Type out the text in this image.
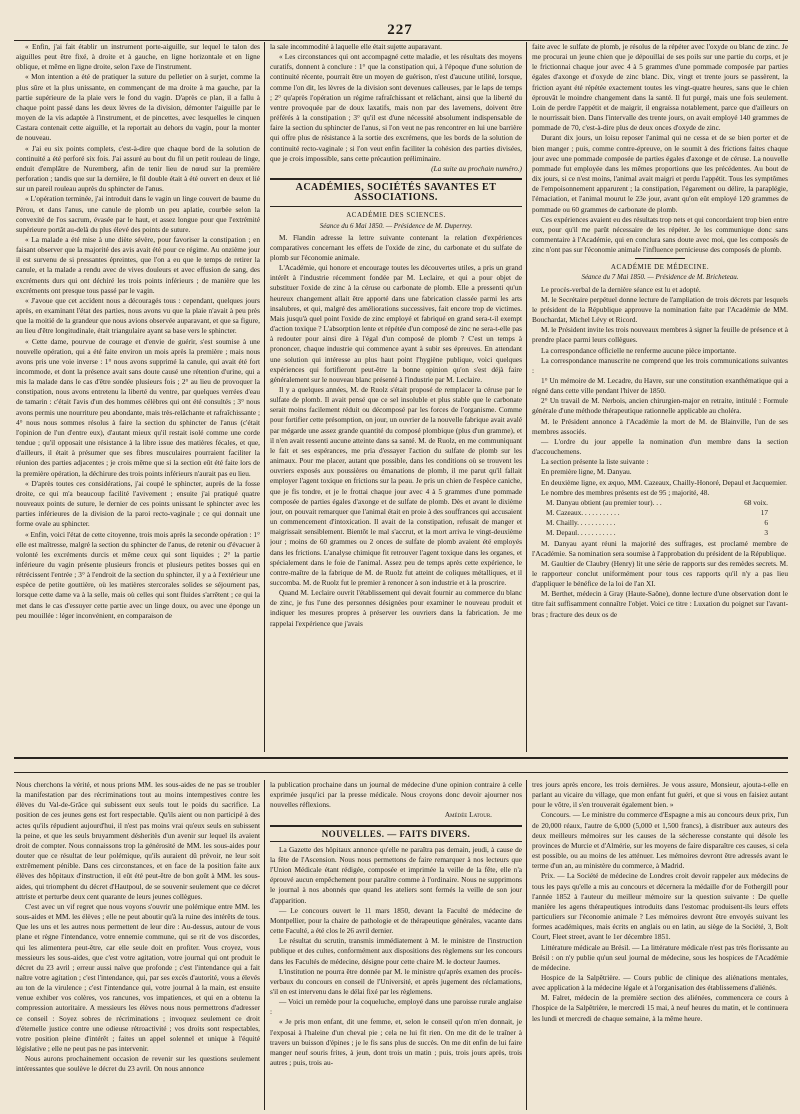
227

« Enfin, j'ai fait établir un instrument porte-aiguille, sur lequel le talon des aiguilles peut être fixé, à droite et à gauche, en ligne horizontale et en ligne oblique, et même en ligne droite, selon l'axe de l'instrument.

« Mon intention a été de pratiquer la suture du pelletier on à surjet, comme la plus sûre et la plus unissante, en commençant de ma droite à ma gauche, par la partie supérieure de la plaie vers le fond du vagin. D'après ce plan, il a fallu à chaque point passé dans les deux lèvres de la division, démonter l'aiguille par le moyen de la vis adaptée à l'instrument, et de pincettes, avec lesquelles le cinquen Castara contenait cette aiguille, et la reportait au dehors du vagin, pour la monter de nouveau.

« J'ai eu six points complets, c'est-à-dire que chaque bord de la solution de continuité a été perforé six fois. J'ai assuré au bout du fil un petit rouleau de linge, enduit d'emplâtre de Nuremberg, afin de tenir lieu de nœud sur la première perforation ; tandis que sur la dernière, le fil double était à été ouvert en deux et lié sur un pareil rouleau auprès du sphincter de l'anus.

« L'opération terminée, j'ai introduit dans le vagin un linge couvert de baume du Pérou, et dans l'anus, une canule de plomb un peu aplatie, courbée selon la convexité de l'os sacrum, évasée par le haut, et assez longue pour que l'extrémité supérieure portât au-delà du plus élevé des points de suture.

« La malade a été mise à une diète sévère, pour favoriser la constipation ; en faisant observer que la majorité des avis avait été pour ce régime. Au onzième jour il est survenu de si pressantes épreintes, que l'on a eu que le temps de retirer la canule, et la malade a rendu avec de vives douleurs et avec effusion de sang, des excréments durs qui ont déchiré les trois points inférieurs ; de manière que les excréments ont presque tous passé par le vagin.

« J'avoue que cet accident nous a découragés tous : cependant, quelques jours après, en examinant l'état des parties, nous avons vu que la plaie n'avait à peu près que la moitié de la grandeur que nous avions observée auparavant, et que sa figure, au lieu d'être longitudinale, était triangulaire ayant sa base vers le sphincter.

« Cette dame, pourvue de courage et d'envie de guérir, s'est soumise à une nouvelle opération, qui a été faite environ un mois après la première ; mais nous avons pris une voie inverse : 1° nous avons supprimé la canule, qui avait été fort incommode, et dont la présence avait sans doute causé une rétention d'urine, qui a mis la malade dans le cas d'être sondée plusieurs fois ; 2° au lieu de provoquer la constipation, nous avons entretenu la liberté du ventre, par quelques verrées d'eau de tamarin : c'était l'avis d'un des hommes célèbres qui ont été consultés ; 3° nous avons permis une nourriture peu abondante, mais très-relâchante et rafraîchissante ; 4° nous nous sommes résolus à faire la section du sphincter de l'anus (c'était l'opinion de l'un d'entre eux), d'autant mieux qu'il restait isolé comme une corde tendue ; qu'il opposait une résistance à la libre issue des matières fécales, et que, d'ailleurs, il était à présumer que ses fibres musculaires pourraient faciliter la réunion des parties adjacentes ; je crois même que si la section eût été faite lors de la première opération, la déchirure des trois points inférieurs n'aurait pas eu lieu.

« D'après toutes ces considérations, j'ai coupé le sphincter, auprès de la fosse droite, ce qui m'a beaucoup facilité l'avivement ; ensuite j'ai pratiqué quatre nouveaux points de suture, le dernier de ces points unissant le sphincter avec les parties inférieures de la division de la paroi recto-vaginale ; ce qui donnait une forme ovale au sphincter.

« Enfin, voici l'état de cette citoyenne, trois mois après la seconde opération : 1° elle est maîtresse, malgré la section du sphincter de l'anus, de retenir ou d'évacuer à volonté les excréments durcis et même ceux qui sont liquides ; 2° la partie inférieure du vagin présente plusieurs froncis et plusieurs petites bosses qui en rétrécissent l'entrée ; 3° à l'endroit de la section du sphincter, il y a à l'extérieur une espèce de petite gouttière, où les matières stercorales solides se séjournent pas, lorsque cette dame va à la selle, mais où celles qui sont fluides s'arrêtent ; ce qui la met dans le cas d'essuyer cette partie avec un linge doux, ou avec une éponge un peu mouillée : léger inconvénient, en comparaison de

la sale incommodité à laquelle elle était sujette auparavant.

« Les circonstances qui ont accompagné cette maladie, et les résultats des moyens curatifs, donnent à conclure : 1° que la constipation qui, à l'époque d'une solution de continuité récente, pourrait être un moyen de guérison, n'est d'aucune utilité, lorsque, comme l'on dit, les lèvres de la division sont devenues calleuses, par le laps de temps ; 2° qu'après l'opération un régime rafraîchissant et relâchant, ainsi que la liberté du ventre provoquée par de doux laxatifs, mais non par des lavemens, doivent être préférés à la constipation ; 3° qu'il est d'une nécessité absolument indispensable de faire la section du sphincter de l'anus, si l'on veut ne pas rencontrer en lui une barrière qui offre plus de résistance à la sortie des excrémens, que les bords de la solution de continuité recto-vaginale ; si l'on veut enfin faciliter la cohésion des parties divisées, que je crois impossible, sans cette précaution préliminaire.

(La suite au prochain numéro.)

ACADÉMIES, SOCIÉTÉS SAVANTES ET ASSOCIATIONS.
ACADÉMIE DES SCIENCES.
Séance du 6 Mai 1850. — Présidence de M. Duperrey.

M. Flandin adresse la lettre suivante contenant la relation d'expériences comparatives concernant les effets de l'oxide de zinc, du carbonate et du sulfate de plomb sur l'économie animale.

L'Académie, qui honore et encourage toutes les découvertes utiles, a pris un grand intérêt à l'industrie récemment fondée par M. Leclaire, et qui a pour objet de substituer l'oxide de zinc à la céruse ou carbonate de plomb. Elle a pressenti qu'un heureux changement allait être apporté dans une fabrication classée parmi les arts insalubres, et qui, malgré des améliorations successives, fait encore trop de victimes. Mais jusqu'à quel point l'oxide de zinc employé et fabriqué en grand sera-t-il exempt d'action toxique ? L'absorption lente et répétée d'un composé de zinc ne sera-t-elle pas à redouter pour ainsi dire à l'égal d'un composé de plomb ? C'est un temps à prononcer, chaque industrie qui commence ayant à subir ses épreuves. En attendant une solution qui intéresse au plus haut point l'hygiène publique, voici quelques expériences qui fortifieront peut-être la bonne opinion qu'on s'est déjà faire généralement sur le nouveau blanc présenté à l'industrie par M. Leclaire.

Il y a quelques années, M. de Ruolz s'était proposé de remplacer la céruse par le sulfate de plomb. Il avait pensé que ce sel insoluble et plus stable que le carbonate serait moins facilement réduit ou décomposé par les forces de l'organisme. Comme pour fortifier cette présomption, on jour, un ouvrier de la nouvelle fabrique avait avalé par mégarde une assez grande quantité du composé plombique (plus d'un gramme), et il n'en avait ressenti aucune atteinte dans sa santé. M. de Ruolz, en me communiquant le fait et ses espérances, me pria d'essayer l'action du sulfate de plomb sur les animaux. Pour me placer, autant que possible, dans les conditions où se trouvent les ouvriers exposés aux poussières ou émanations de plomb, il me parut qu'il fallait employer l'agent toxique en frictions sur la peau. Je pris un chien de l'espèce caniche, que je fis tondre, et je le frottai chaque jour avec 4 à 5 grammes d'une pommade composée de parties égales d'axonge et de sulfate de plomb. Dès et avant le dixième jour, on pouvait remarquer que l'animal était en proie à des souffrances qui accusaient un commencement d'intoxication. Il avait de la constipation, refusait de manger et maigrissait sensiblement. Bientôt le mal s'accrut, et la mort arriva le vingt-deuxième jour ; moins de 60 grammes ou 2 onces de sulfate de plomb avaient été employés dans les frictions. L'analyse chimique fit retrouver l'agent toxique dans les organes, et spécialement dans le foie de l'animal. Assez peu de temps après cette expérience, le contre-maître de la fabrique de M. de Ruolz fut atteint de coliques métalliques, et il succomba. M. de Ruolz fut le premier à renoncer à son industrie et à la proscrire.

Quand M. Leclaire ouvrit l'établissement qui devait fournir au commerce du blanc de zinc, je fus l'une des personnes désignées pour examiner le nouveau produit et indiquer les mesures propres à préserver les ouvriers dans la fabrication. Je me rappelai l'expérience que j'avais

faite avec le sulfate de plomb, je résolus de la répéter avec l'oxyde ou blanc de zinc. Je me procurai un jeune chien que je dépouillai de ses poils sur une partie du corps, et je le frictionnai chaque jour avec 4 à 5 grammes d'une pommade composée par parties égales d'axonge et d'oxyde de zinc blanc. Dix, vingt et trente jours se passèrent, la friction ayant été répétée exactement toutes les vingt-quatre heures, sans que le chien éprouvât le moindre changement dans la santé. Il fut purgé, mais une fois seulement. Loin de perdre l'appétit et de maigrir, il engraissa notablement, parce que d'ailleurs on le nourrissait bien. Dans l'intervalle des trente jours, on avait employé 140 grammes de pommade de 70, c'est-à-dire plus de deux onces d'oxyde de zinc.

Durant dix jours, un loisu reposer l'animal qui ne cessa et de se bien porter et de bien manger ; puis, comme contre-épreuve, on le soumit à des frictions faites chaque jour avec une pommade composée de parties égales d'axonge et de céruse. La nouvelle pommade fut employée dans les mêmes proportions que les précédentes. Au bout de dix jours, si ce n'est moins, l'animal avait maigri et perdu l'appétit. Tous les symptômes de l'empoisonnement apparurent ; la constipation, l'égarement ou délire, la paraplégie, l'émaciation, et l'animal mourut le 23e jour, avant qu'on eût employé 120 grammes de pommade ou 60 grammes de carbonate de plomb.

Ces expériences avaient eu des résultats trop nets et qui concordaient trop bien entre eux, pour qu'il me parût nécessaire de les répéter. Je les communique donc sans commentaire à l'Académie, qui en conclura sans doute avec moi, que les composés de zinc n'ont pas sur l'économie animale l'influence pernicieuse des composés de plomb.

ACADÉMIE DE MÉDECINE.
Séance du 7 Mai 1850. — Présidence de M. Bricheteau.

Le procès-verbal de la dernière séance est lu et adopté.

M. le Secrétaire perpétuel donne lecture de l'ampliation de trois décrets par lesquels le président de la République approuve la nomination faite par l'Académie de MM. Bouchardat, Michel Lévy et Ricord.

M. le Président invite les trois nouveaux membres à signer la feuille de présence et à prendre place parmi leurs collègues.

La correspondance officielle ne renferme aucune pièce importante.

La correspondance manuscrite ne comprend que les trois communications suivantes :

1° Un mémoire de M. Lecadre, du Havre, sur une constitution exanthématique qui a régné dans cette ville pendant l'hiver de 1850.

2° Un travail de M. Nerbois, ancien chirurgien-major en retraite, intitulé : Formule générale d'une méthode thérapeutique rationnelle applicable au choléra.

M. le Président annonce à l'Académie la mort de M. de Blainville, l'un de ses membres associés.

— L'ordre du jour appelle la nomination d'un membre dans la section d'accouchemens.

La section présente la liste suivante :

En première ligne, M. Danyau.

En deuxième ligne, ex æquo, MM. Cazeaux, Chailly-Honoré, Depaul et Jacquemier.

Le nombre des membres présents est de 95 ; majorité, 48.

M. Danyau obtient (au premier tour). . .	68 voix.
M. Cazeaux. . . . . . . . . . .	17
M. Chailly. . . . . . . . . . .	6
M. Depaul. . . . . . . . . . .	3

M. Danyau ayant réuni la majorité des suffrages, est proclamé membre de l'Académie. Sa nomination sera soumise à l'approbation du président de la République.

M. Gaultier de Claubry (Henry) lit une série de rapports sur des remèdes secrets. M. le rapporteur conclut uniformément pour tous ces rapports qu'il n'y a pas lieu d'appliquer le bénéfice de la loi de l'an XI.

M. Berthet, médecin à Gray (Haute-Saône), donne lecture d'une observation dont le titre fait suffisamment connaître l'objet. Voici ce titre : Luxation du poignet sur l'avant-bras ; fracture des deux os de

Nous cherchons la vérité, et nous prions MM. les sous-aides de ne pas se troubler la manifestation par des récriminations tout au moins intempestives contre les élèves du Val-de-Grâce qui subissent eux seuls tout le poids du sacrifice. La position de ces jeunes gens est fort respectable. Qu'ils aient ou non participé à des actes qu'ils répudient aujourd'hui, il n'est pas moins vrai qu'eux seuls en subissent la peine, et que les seuls bruyamment désheritès d'un avenir sur lequel ils avaient droit de compter. Nous connaissons trop la générosité de MM. les sous-aides pour douter que ce résultat de leur polémique, qu'ils auraient dû prévoir, ne leur soit extrêmement pénible. Dans ces circonstances, et en face de la position faite aux élèves des hôpitaux d'instruction, il eût été peut-être de bon goût à MM. les sous-aides, qui triomphent du décret d'Hautpoul, de se souvenir seulement que ce décret attriste et perturbe deux cent quarante de leurs jeunes collègues.

C'est avec un vif regret que nous voyons s'ouvrir une polémique entre MM. les sous-aides et MM. les élèves ; elle ne peut aboutir qu'à la ruine des intérêts de tous. Que les uns et les autres nous permettent de leur dire : Au-dessus, autour de vous plane et règne l'intendance, votre ennemie commune, qui se rit de vos discordes, qui les alimentera peut-être, car elle seule doit en profiter. Vous croyez, vous messieurs les sous-aides, que c'est votre agitation, votre journal qui ont produit le décret du 23 avril ; erreur aussi naïve que profonde ; c'est l'intendance qui a fait naître votre agitation ; c'est l'intendance, qui, par ses excès d'autorité, vous a élevés au ton de la virulence ; c'est l'intendance qui, votre journal à la main, est ensuite venue exhiber vos colères, vos rancunes, vos impatiences, et qui en a obtenu la compression autoritaire. A messieurs les élèves nous nous permettrons d'adresser ce conseil : Soyez sobres de récriminations ; invoquez seulement ce droit d'éternelle justice contre une odieuse rétroactivité ; vos droits sont respectables, votre position pleine d'intérêt ; faites un appel solennel et unique à l'équité législative ; elle ne peut pas ne pas intervenir.

Nous aurons prochainement occasion de revenir sur les questions seulement intéressantes que soulève le décret du 23 avril. On nous annonce

la publication prochaine dans un journal de médecine d'une opinion contraire à celle exprimée jusqu'ici par la presse médicale. Nous croyons donc devoir ajourner nos nouvelles réflexions.

Amédée Latour.

NOUVELLES. — FAITS DIVERS.

La Gazette des hôpitaux annonce qu'elle ne paraîtra pas demain, jeudi, à cause de la fête de l'Ascension. Nous nous permettons de faire remarquer à nos lecteurs que l'Union Médicale étant rédigée, composée et imprimée la veille de la fête, elle n'a éprouvé aucun empêchement pour paraître comme à l'ordinaire. Nous ne supprimons le journal à nos abonnés que quand les ateliers sont fermés la veille de son jour d'apparition.

— Le concours ouvert le 11 mars 1850, devant la Faculté de médecine de Montpellier, pour la chaire de pathologie et de thérapeutique générales, vacante dans cette Faculté, a été clos le 26 avril dernier.

Le résultat du scrutin, transmis immédiatement à M. le ministre de l'instruction publique et des cultes, conformément aux dispositions des règlemens sur les concours dans les Facultés de médecine, désigne pour cette chaire M. le docteur Jaumes.

L'institution ne pourra être donnée par M. le ministre qu'après examen des procès-verbaux du concours en conseil de l'Université, et après jugement des réclamations, s'il en est intervenu dans le délai fixé par les règlemens.

— Voici un remède pour la coqueluche, employé dans une paroisse rurale anglaise :

« Je pris mon enfant, dit une femme, et, selon le conseil qu'on m'en donnait, je l'exposai à l'haleine d'un cheval pie ; cela ne lui fit rien. On me dit de le traîner à travers un buisson d'épines ; je le fis sans plus de succès. On me dit enfin de lui faire manger neuf souris frites, à jeun, dont trois un matin ; puis, trois jours après, trois autres ; puis, trois au-

tres jours après encore, les trois dernières. Je vous assure, Monsieur, ajouta-t-elle en parlant au vicaire du village, que mon enfant fut guéri, et que si vous en faisiez autant pour le vôtre, il s'en trouverait également bien. »

Concours. — Le ministre du commerce d'Espagne a mis au concours deux prix, l'un de 20,000 réaux, l'autre de 6,000 (5,000 et 1,500 francs), à distribuer aux auteurs des deux meilleurs mémoires sur les causes de la sécheresse constante qui désole les provinces de Murcie et d'Almérie, sur les moyens de faire disparaître ces causes, si cela est possible, ou au moins de les atténuer. Les mémoires devront être adressés avant le terme d'un an, au ministère du commerce, à Madrid.

Prix. — La Société de médecine de Londres croit devoir rappeler aux médecins de tous les pays qu'elle a mis au concours et décernera la médaille d'or de Fothergill pour l'année 1852 à l'auteur du meilleur mémoire sur la question suivante : De quelle manière les agens thérapeutiques introduits dans l'estomac produisent-ils leurs effets particuliers sur l'économie animale ? Les mémoires devront être envoyés suivant les formes académiques, mais écrits en anglais ou en latin, au siège de la Société, 3, Bolt Court, Fleet street, avant le 1er décembre 1851.

Littérature médicale au Brésil. — La littérature médicale n'est pas très florissante au Brésil : on n'y publie qu'un seul journal de médecine, sous les hospices de l'Académie de médecine.

Hospice de la Salpêtrière. — Cours public de clinique des aliénations mentales, avec application à la médecine légale et à l'organisation des établissemens d'aliénés.

M. Falret, médecin de la première section des aliénées, commencera ce cours à l'hospice de la Salpêtrière, le mercredi 15 mai, à neuf heures du matin, et le continuera les lundi et mercredi de chaque semaine, à la même heure.
